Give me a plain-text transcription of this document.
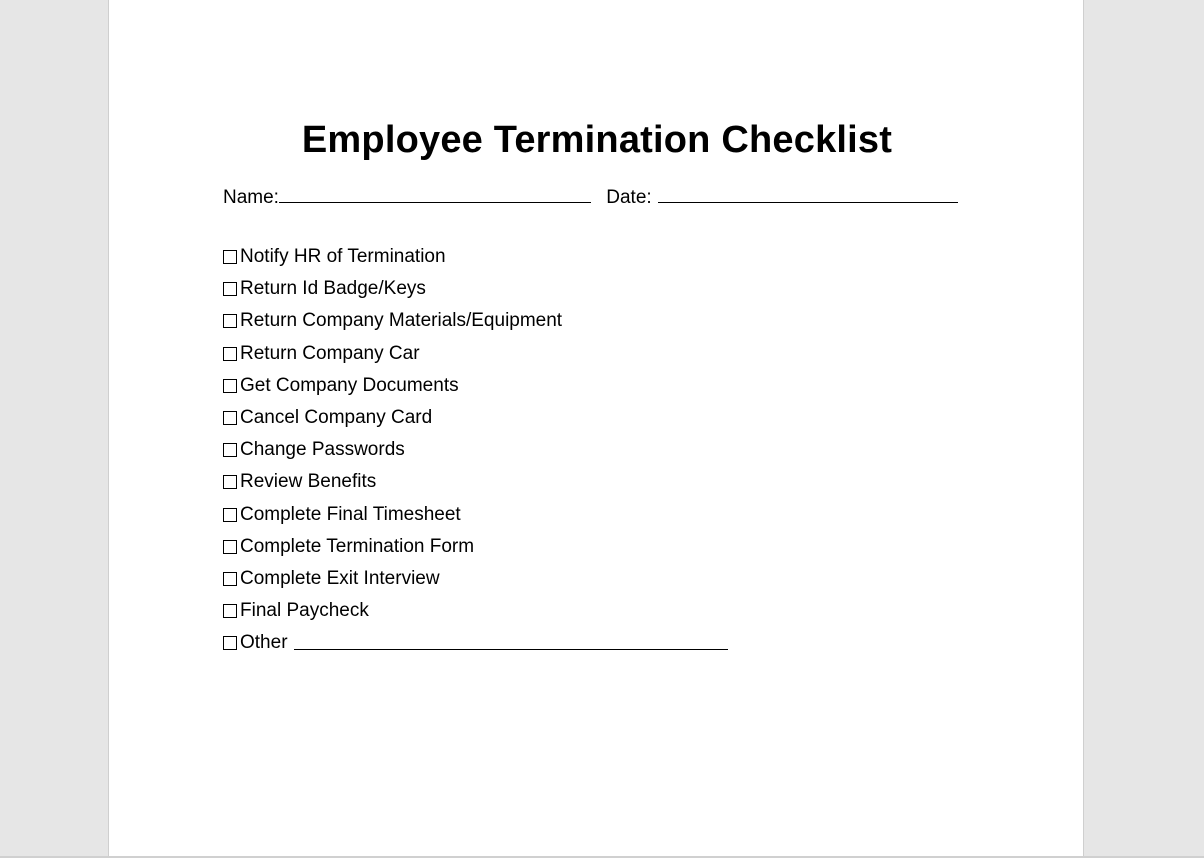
Employee Termination Checklist
Name:	Date:
Notify HR of Termination
Return Id Badge/Keys
Return Company Materials/Equipment
Return Company Car
Get Company Documents
Cancel Company Card
Change Passwords
Review Benefits
Complete Final Timesheet
Complete Termination Form
Complete Exit Interview
Final Paycheck
Other
